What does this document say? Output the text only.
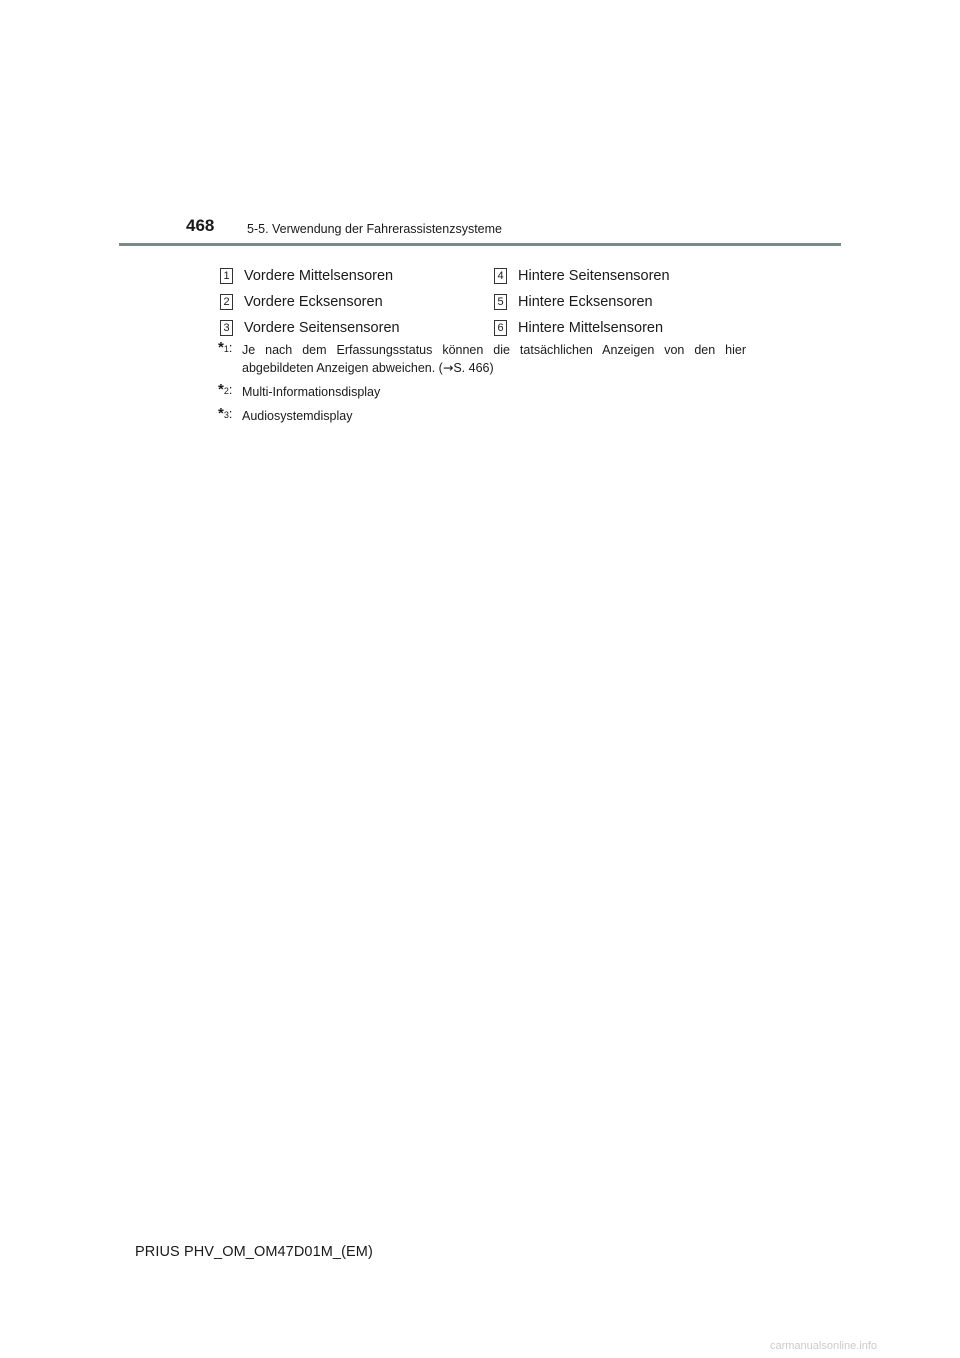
468	5-5. Verwendung der Fahrerassistenzsysteme
1 Vordere Mittelsensoren
2 Vordere Ecksensoren
3 Vordere Seitensensoren
4 Hintere Seitensensoren
5 Hintere Ecksensoren
6 Hintere Mittelsensoren
*$^1$: Je nach dem Erfassungsstatus können die tatsächlichen Anzeigen von den hier abgebildeten Anzeigen abweichen. (→S. 466)
*$^2$: Multi-Informationsdisplay
*$^3$: Audiosystemdisplay
PRIUS PHV_OM_OM47D01M_(EM)
carmanualsonline.info
